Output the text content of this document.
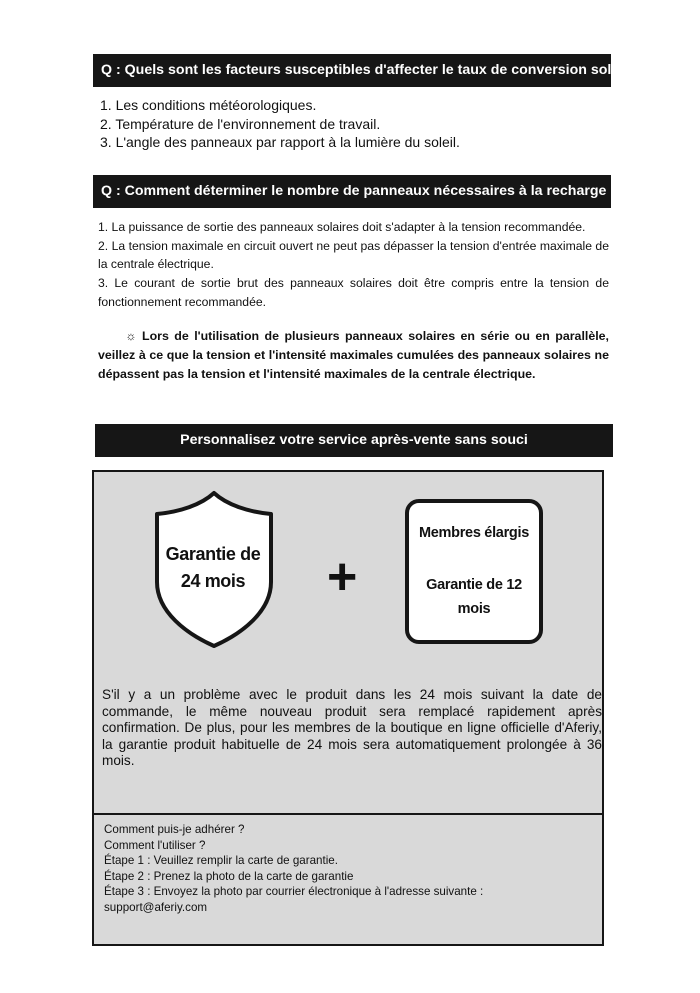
Q : Quels sont les facteurs susceptibles d'affecter le taux de conversion solaire ?
1. Les conditions météorologiques.
2. Température de l'environnement de travail.
3. L'angle des panneaux par rapport à la lumière du soleil.
Q : Comment déterminer le nombre de panneaux nécessaires à la recharge ?
1. La puissance de sortie des panneaux solaires doit s'adapter à la tension recommandée.
2. La tension maximale en circuit ouvert ne peut pas dépasser la tension d'entrée maximale de la centrale électrique.
3. Le courant de sortie brut des panneaux solaires doit être compris entre la tension de fonctionnement recommandée.
☼ Lors de l'utilisation de plusieurs panneaux solaires en série ou en parallèle, veillez à ce que la tension et l'intensité maximales cumulées des panneaux solaires ne dépassent pas la tension et l'intensité maximales de la centrale électrique.
Personnalisez votre service après-vente sans souci
Garantie de
24 mois	+
Membres élargis
Garantie de 12
mois
S'il y a un problème avec le produit dans les 24 mois suivant la date de commande, le même nouveau produit sera remplacé rapidement après confirmation. De plus, pour les membres de la boutique en ligne officielle d'Aferiy, la garantie produit habituelle de 24 mois sera automatiquement prolongée à 36 mois.
Comment puis-je adhérer ?
Comment l'utiliser ?
Étape 1 : Veuillez remplir la carte de garantie.
Étape 2 : Prenez la photo de la carte de garantie
Étape 3 : Envoyez la photo par courrier électronique à l'adresse suivante :
support@aferiy.com
